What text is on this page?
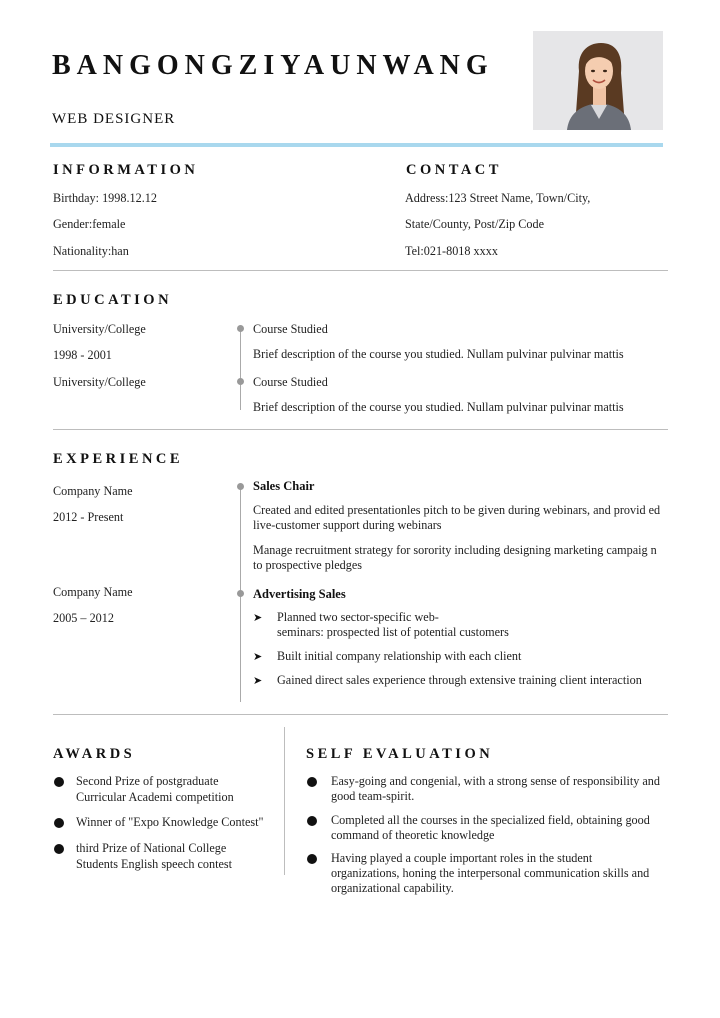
BANGONGZIYAUNWANG
WEB DESIGNER
INFORMATION
Birthday: 1998.12.12
Gender:female
Nationality:han
CONTACT
Address:123 Street Name, Town/City,
State/County, Post/Zip Code
Tel:021-8018 xxxx
EDUCATION
University/College
1998 - 2001
Course Studied
Brief description of the course you studied. Nullam pulvinar pulvinar mattis
University/College	Course Studied
Brief description of the course you studied. Nullam pulvinar pulvinar mattis
EXPERIENCE
Company Name
2012 - Present
Sales Chair
Created and edited presentationles pitch to be given during webinars, and provid ed live-customer support during webinars
Manage recruitment strategy for sorority including designing marketing campaig n to prospective pledges
Company Name
2005 – 2012
Advertising Sales
➤ Planned two sector-specific web-
seminars: prospected list of potential customers
➤ Built initial company relationship with each client
➤ Gained direct sales experience through extensive training client interaction
AWARDS
Second Prize of postgraduate
Curricular Academi competition
Winner of "Expo Knowledge Contest"
third Prize of National College
Students English speech contest
SELF EVALUATION
Easy-going and congenial, with a strong sense of responsibility and
good team-spirit.
Completed all the courses in the specialized field, obtaining good
command of theoretic knowledge
Having played a couple important roles in the student
organizations, honing the interpersonal communication skills and
organizational capability.
